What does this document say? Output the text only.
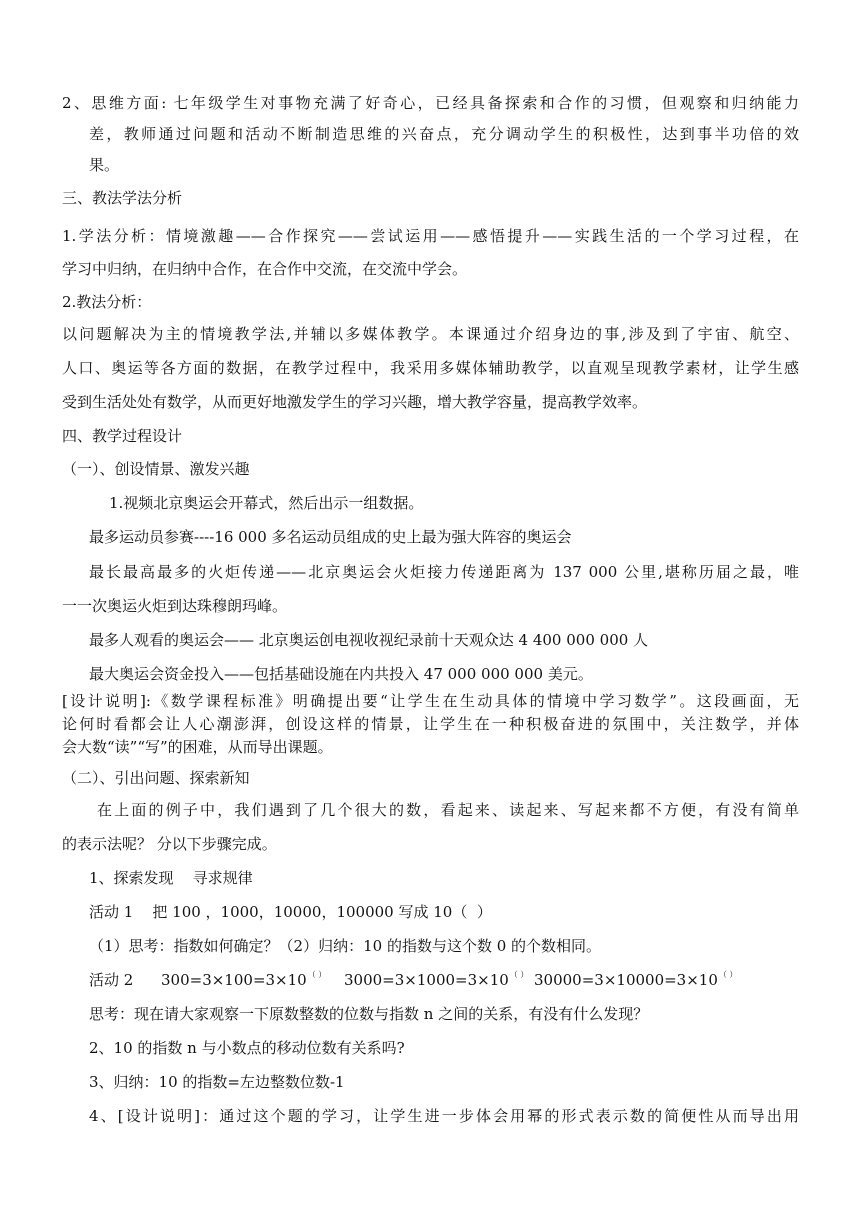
2、思维方面: 七年级学生对事物充满了好奇心，已经具备探索和合作的习惯，但观察和归纳能力
差，教师通过问题和活动不断制造思维的兴奋点，充分调动学生的积极性，达到事半功倍的效
果。
三、教法学法分析
1.学法分析：情境激趣——合作探究——尝试运用——感悟提升——实践生活的一个学习过程，在
学习中归纳，在归纳中合作，在合作中交流，在交流中学会。
2.教法分析：
以问题解决为主的情境教学法,并辅以多媒体教学。本课通过介绍身边的事,涉及到了宇宙、航空、
人口、奥运等各方面的数据，在教学过程中，我采用多媒体辅助教学，以直观呈现教学素材，让学生感
受到生活处处有数学，从而更好地激发学生的学习兴趣，增大教学容量，提高教学效率。
四、教学过程设计
（一）、创设情景、激发兴趣
1.视频北京奥运会开幕式，然后出示一组数据。
最多运动员参赛----16 000 多名运动员组成的史上最为强大阵容的奥运会
最长最高最多的火炬传递——北京奥运会火炬接力传递距离为 137 000 公里,堪称历届之最，唯
一一次奥运火炬到达珠穆朗玛峰。
最多人观看的奥运会—— 北京奥运创电视收视纪录前十天观众达 4 400 000 000 人
最大奥运会资金投入——包括基础设施在内共投入 47 000 000 000 美元。
[设计说明]:《数学课程标准》明确提出要“让学生在生动具体的情境中学习数学”。这段画面，无
论何时看都会让人心潮澎湃，创设这样的情景，让学生在一种积极奋进的氛围中，关注数学，并体
会大数“读”“写”的困难，从而导出课题。
（二）、引出问题、探索新知
在上面的例子中，我们遇到了几个很大的数，看起来、读起来、写起来都不方便，有没有简单
的表示法呢？ 分以下步骤完成。
1、探索发现    寻求规律
活动 1    把 100 ，1000，10000，100000 写成 10（  ）
（1）思考：指数如何确定？（2）归纳：10 的指数与这个数 0 的个数相同。
活动 2 300=3×100=3×10（ ） 3000=3×1000=3×10（ ） 30000=3×10000=3×10（ ）
思考：现在请大家观察一下原数整数的位数与指数 n 之间的关系，有没有什么发现？
2、10 的指数 n 与小数点的移动位数有关系吗?
3、归纳：10 的指数=左边整数位数-1
4、[设计说明]：通过这个题的学习，让学生进一步体会用幂的形式表示数的简便性从而导出用
